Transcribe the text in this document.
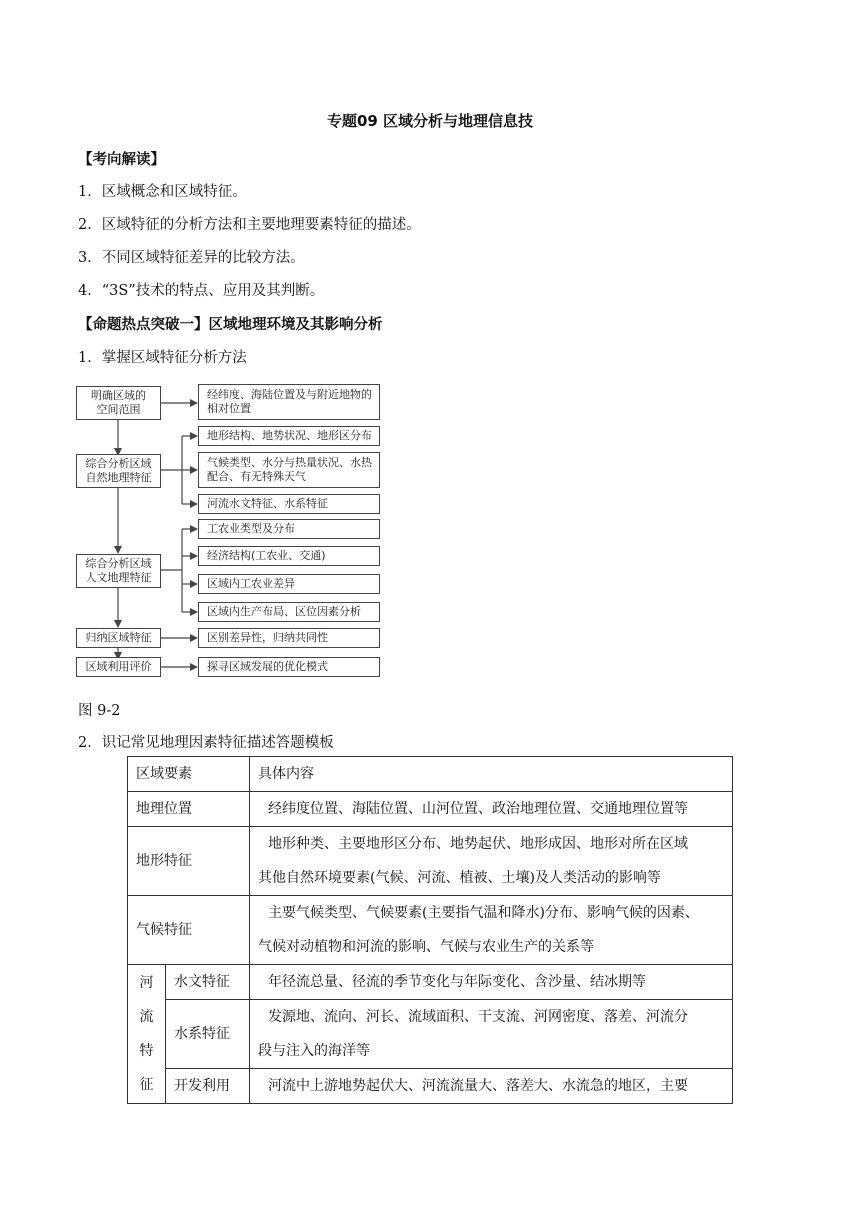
专题09 区域分析与地理信息技
【考向解读】
1．区域概念和区域特征。
2．区域特征的分析方法和主要地理要素特征的描述。
3．不同区域特征差异的比较方法。
4．“3S”技术的特点、应用及其判断。
【命题热点突破一】区域地理环境及其影响分析
1．掌握区域特征分析方法
明确区域的
空间范围
综合分析区域
自然地理特征
综合分析区域
人文地理特征
归纳区域特征
区域利用评价
经纬度、海陆位置及与附近地物的
相对位置
地形结构、地势状况、地形区分布
气候类型、水分与热量状况、水热
配合、有无特殊天气
河流水文特征、水系特征
工农业类型及分布
经济结构(工农业、交通)
区域内工农业差异
区域内生产布局、区位因素分析
区别差异性，归纳共同性
探寻区域发展的优化模式
图 9-2
2．识记常见地理因素特征描述答题模板
区域要素		具体内容
地理位置		经纬度位置、海陆位置、山河位置、政治地理位置、交通地理位置等
地形特征		地形种类、主要地形区分布、地势起伏、地形成因、地形对所在区域
其他自然环境要素(气候、河流、植被、土壤)及人类活动的影响等

气候特征		主要气候类型、气候要素(主要指气温和降水)分布、影响气候的因素、
气候对动植物和河流的影响、气候与农业生产的关系等

河
流
特
征	水文特征	年径流总量、径流的季节变化与年际变化、含沙量、结冰期等
	水系特征	发源地、流向、河长、流域面积、干支流、河网密度、落差、河流分
段与注入的海洋等

	开发利用	河流中上游地势起伏大、河流流量大、落差大、水流急的地区，主要
